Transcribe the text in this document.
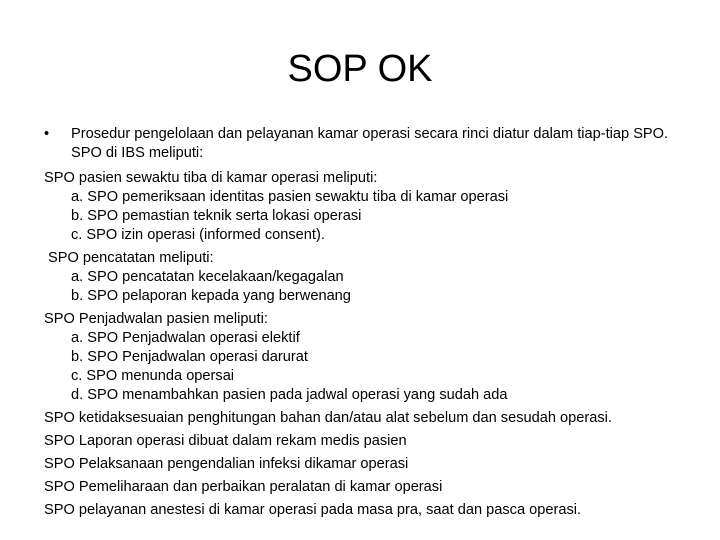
SOP OK
• Prosedur pengelolaan dan pelayanan kamar operasi secara rinci diatur dalam tiap-tiap SPO. SPO di IBS meliputi:
SPO pasien sewaktu tiba di kamar operasi meliputi:
a. SPO pemeriksaan identitas pasien sewaktu tiba di kamar operasi
b. SPO pemastian teknik serta lokasi operasi
c. SPO izin operasi (informed consent).
SPO pencatatan meliputi:
a. SPO pencatatan kecelakaan/kegagalan
b. SPO pelaporan kepada yang berwenang
SPO Penjadwalan pasien meliputi:
a. SPO Penjadwalan operasi elektif
b. SPO Penjadwalan operasi darurat
c. SPO menunda opersai
d. SPO menambahkan pasien pada jadwal operasi yang sudah ada
SPO ketidaksesuaian penghitungan bahan dan/atau alat sebelum dan sesudah operasi.
SPO Laporan operasi dibuat dalam rekam medis pasien
SPO Pelaksanaan pengendalian infeksi dikamar operasi
SPO Pemeliharaan dan perbaikan peralatan di kamar operasi
SPO pelayanan anestesi di kamar operasi pada masa pra, saat dan pasca operasi.
